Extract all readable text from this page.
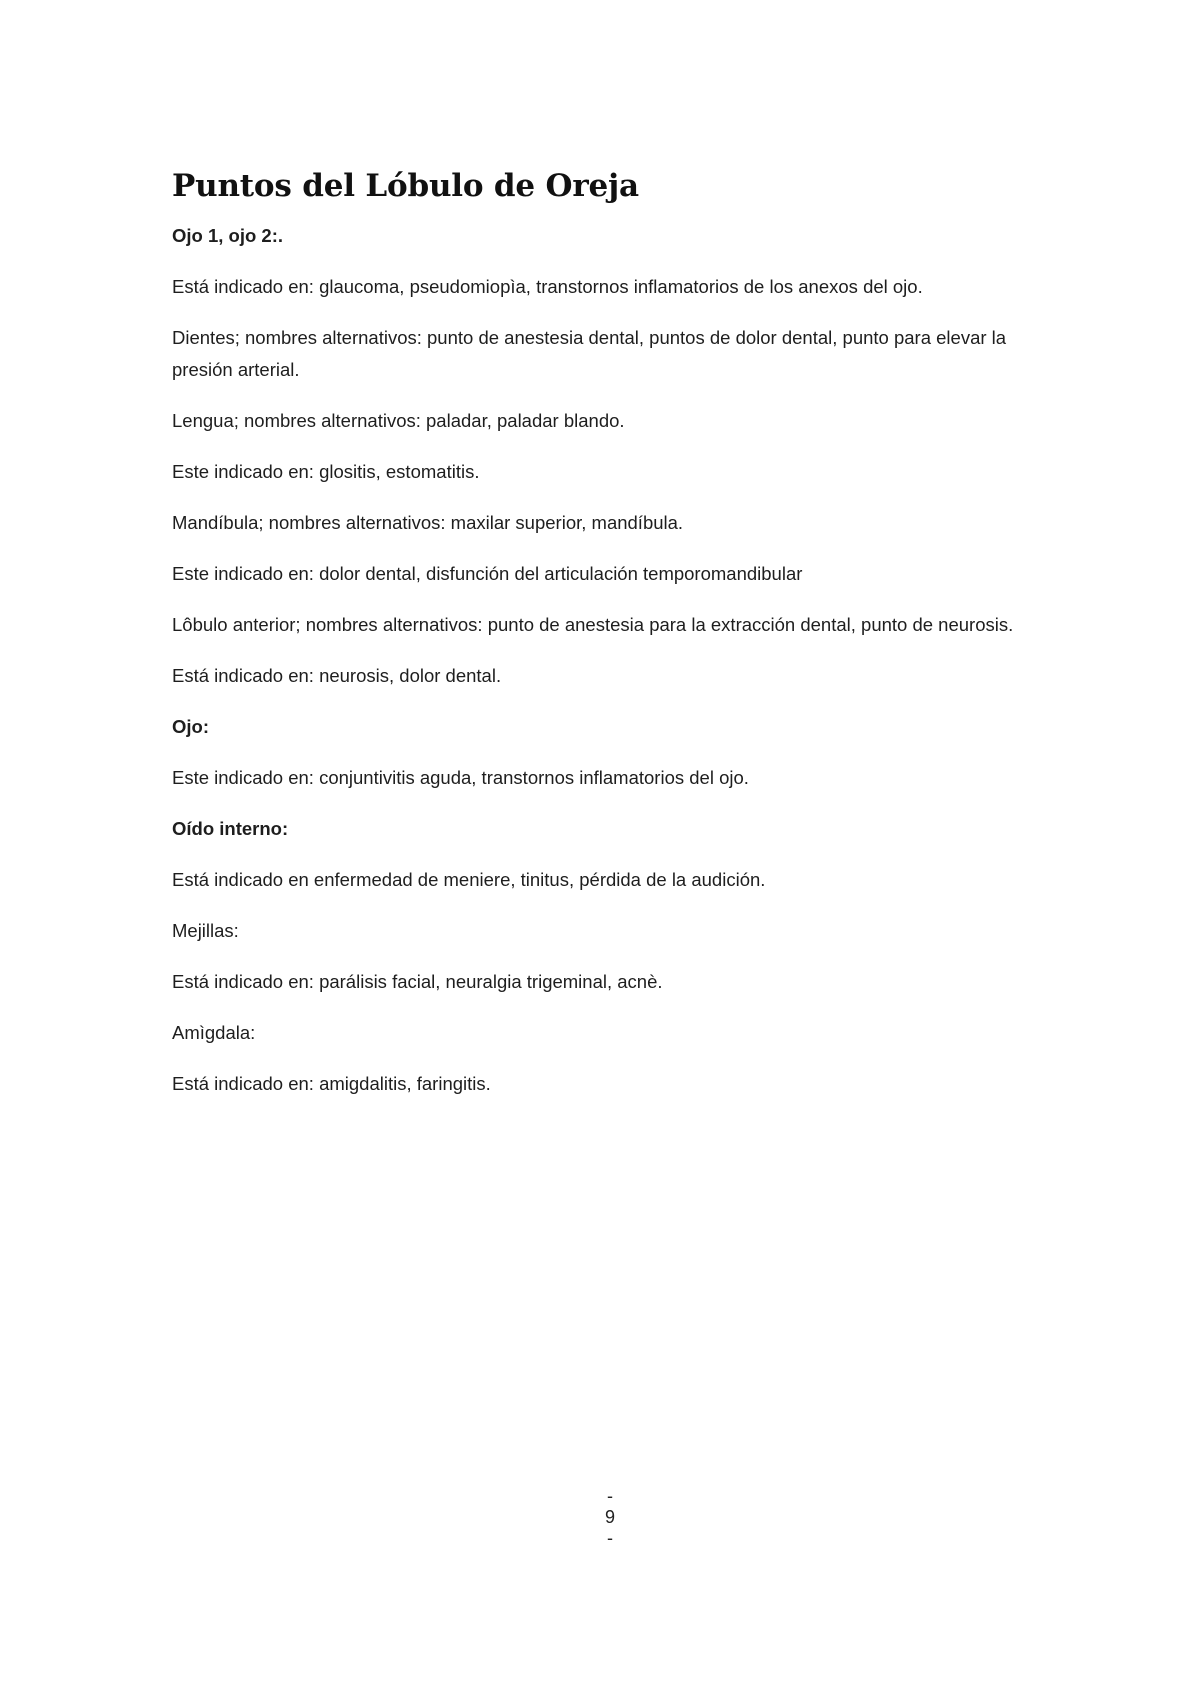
Puntos del Lóbulo de Oreja

Ojo 1, ojo 2:.

Está indicado en: glaucoma, pseudomiopìa, transtornos inflamatorios de los anexos del ojo.

Dientes; nombres alternativos: punto de anestesia dental, puntos de dolor dental, punto para elevar la presión arterial.

Lengua; nombres alternativos: paladar, paladar blando.

Este indicado en: glositis, estomatitis.

Mandíbula; nombres alternativos: maxilar superior, mandíbula.

Este indicado en: dolor dental, disfunción del articulación temporomandibular

Lôbulo anterior; nombres alternativos: punto de anestesia para la extracción dental, punto de neurosis.

Está indicado en: neurosis, dolor dental.

Ojo:

Este indicado en: conjuntivitis aguda, transtornos inflamatorios del ojo.

Oído interno:

Está indicado en enfermedad de meniere, tinitus, pérdida de la audición.

Mejillas:

Está indicado en: parálisis facial, neuralgia trigeminal, acnè.

Amìgdala:

Está indicado en: amigdalitis, faringitis.

-
9
-
